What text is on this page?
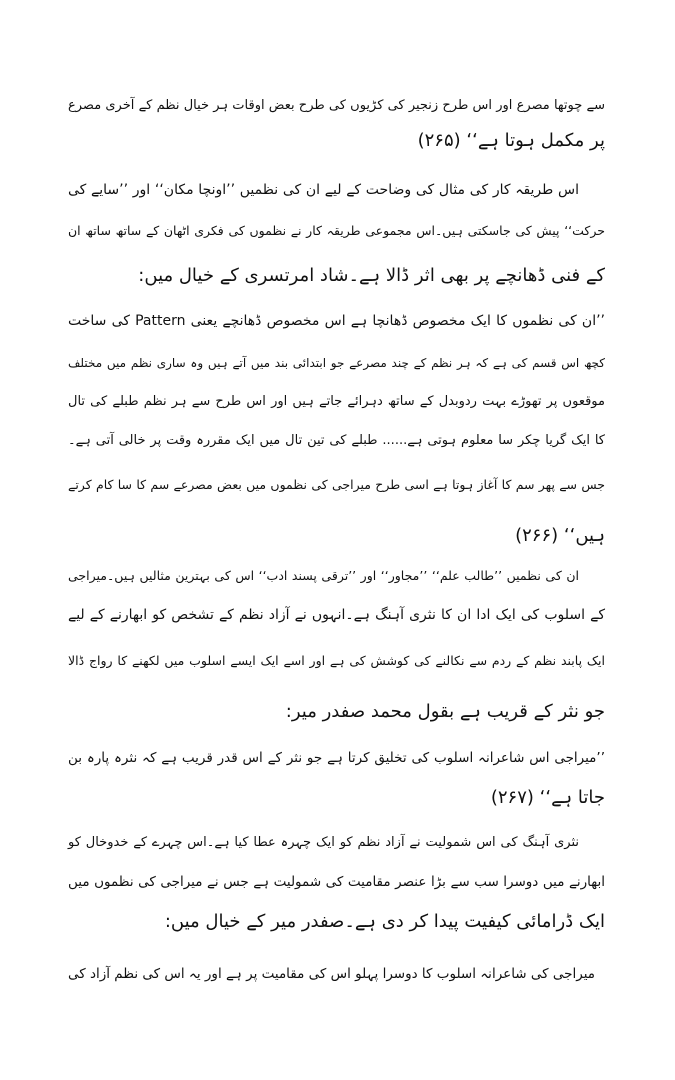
سے چوتھا مصرع اور اس طرح زنجیر کی کڑیوں کی طرح بعض اوقات ہر خیال نظم کے آخری مصرع
پر مکمل ہوتا ہے‘‘ (۲۶۵)
اس طریقہ کار کی مثال کی وضاحت کے لیے ان کی نظمیں ’’اونچا مکان‘‘ اور ’’سایے کی
حرکت‘‘ پیش کی جاسکتی ہیں۔اس مجموعی طریقہ کار نے نظموں کی فکری اٹھان کے ساتھ ساتھ ان
کے فنی ڈھانچے پر بھی اثر ڈالا ہے۔شاد امرتسری کے خیال میں:
’’ان کی نظموں کا ایک مخصوص ڈھانچا ہے اس مخصوص ڈھانچے یعنی Pattern کی ساخت
کچھ اس قسم کی ہے کہ ہر نظم کے چند مصرعے جو ابتدائی بند میں آتے ہیں وہ ساری نظم میں مختلف
موقعوں پر تھوڑے بہت ردوبدل کے ساتھ دہرائے جاتے ہیں اور اس طرح سے ہر نظم طبلے کی تال
کا ایک گریا چکر سا معلوم ہوتی ہے...... طبلے کی تین تال میں ایک مقررہ وقت پر خالی آتی ہے۔
جس سے پھر سم کا آغاز ہوتا ہے اسی طرح میراجی کی نظموں میں بعض مصرعے سم کا سا کام کرتے
ہیں‘‘ (۲۶۶)
ان کی نظمیں ’’طالب علم‘‘ ’’مجاور‘‘ اور ’’ترقی پسند ادب‘‘ اس کی بہترین مثالیں ہیں۔میراجی
کے اسلوب کی ایک ادا ان کا نثری آہنگ ہے۔انہوں نے آزاد نظم کے تشخص کو ابھارنے کے لیے
ایک پابند نظم کے ردم سے نکالنے کی کوشش کی ہے اور اسے ایک ایسے اسلوب میں لکھنے کا رواج ڈالا
جو نثر کے قریب ہے بقول محمد صفدر میر:
’’میراجی اس شاعرانہ اسلوب کی تخلیق کرتا ہے جو نثر کے اس قدر قریب ہے کہ نثرہ پارہ بن
جاتا ہے‘‘ (۲۶۷)
نثری آہنگ کی اس شمولیت نے آزاد نظم کو ایک چہرہ عطا کیا ہے۔اس چہرے کے خدوخال کو
ابھارنے میں دوسرا سب سے بڑا عنصر مقامیت کی شمولیت ہے جس نے میراجی کی نظموں میں
ایک ڈرامائی کیفیت پیدا کر دی ہے۔صفدر میر کے خیال میں:
میراجی کی شاعرانہ اسلوب کا دوسرا پہلو اس کی مقامیت پر ہے اور یہ اس کی نظم آزاد کی
